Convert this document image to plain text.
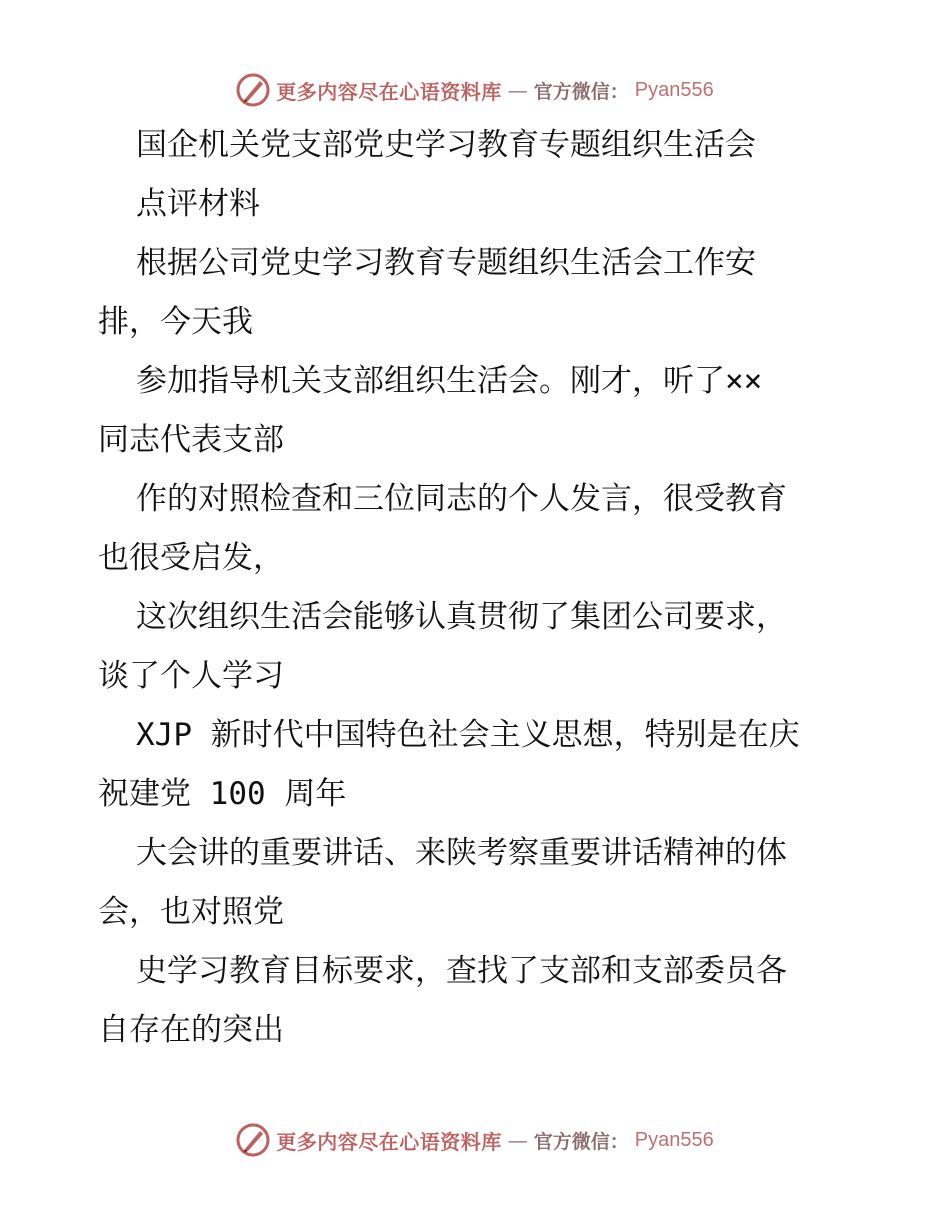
更多内容尽在心语资料库 — 官方微信： Pyan556
国企机关党支部党史学习教育专题组织生活会
点评材料
根据公司党史学习教育专题组织生活会工作安
排，今天我
参加指导机关支部组织生活会。刚才，听了××
同志代表支部
作的对照检查和三位同志的个人发言，很受教育
也很受启发，
这次组织生活会能够认真贯彻了集团公司要求，
谈了个人学习
XJP 新时代中国特色社会主义思想，特别是在庆
祝建党 100 周年
大会讲的重要讲话、来陕考察重要讲话精神的体
会，也对照党
史学习教育目标要求，查找了支部和支部委员各
自存在的突出
更多内容尽在心语资料库 — 官方微信： Pyan556
